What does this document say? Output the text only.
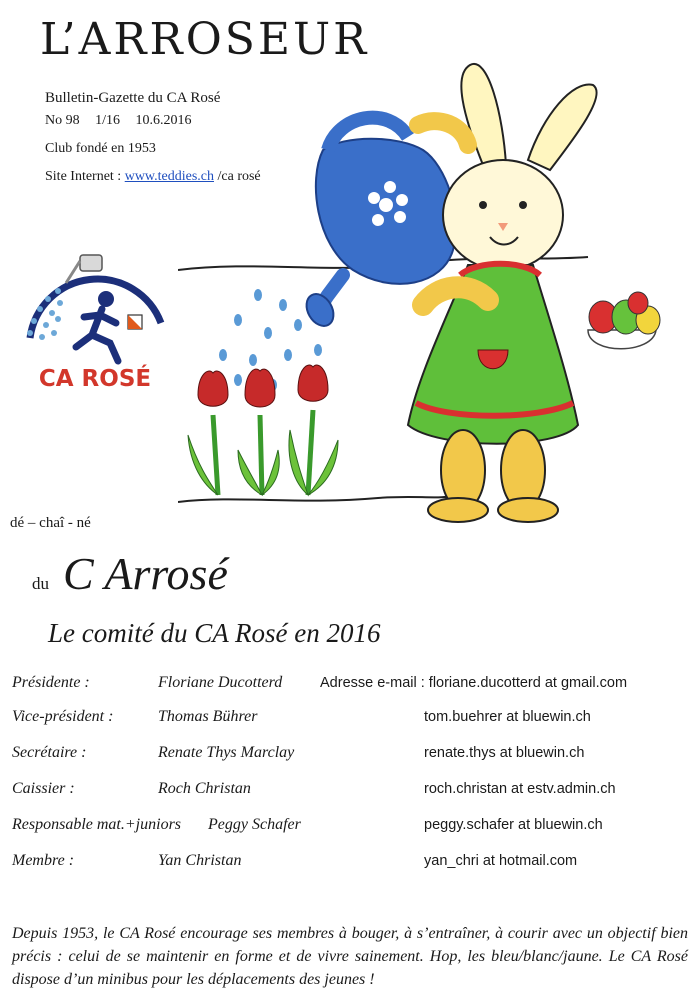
L’ARROSEUR
Bulletin-Gazette du CA Rosé
No 98 1/16 10.6.2016
Club fondé en 1953
Site Internet : www.teddies.ch /ca rosé
CA ROSÉ
dé – chaî - né
du C Arrosé
Le comité du CA Rosé en 2016
Présidente :	Floriane Ducotterd	Adresse e-mail : floriane.ducotterd at gmail.com
Vice-président :	Thomas Bührer	tom.buehrer at bluewin.ch
Secrétaire :	Renate Thys Marclay	renate.thys at bluewin.ch
Caissier :	Roch Christan	roch.christan at estv.admin.ch
Responsable mat.+juniors Peggy Schafer	peggy.schafer at bluewin.ch
Membre :	Yan Christan	yan_chri at hotmail.com
Depuis 1953, le CA Rosé encourage ses membres à bouger, à s’entraîner, à courir avec un objectif bien précis : celui de se maintenir en forme et de vivre sainement. Hop, les bleu/blanc/jaune. Le CA Rosé dispose d’un minibus pour les déplacements des jeunes !
